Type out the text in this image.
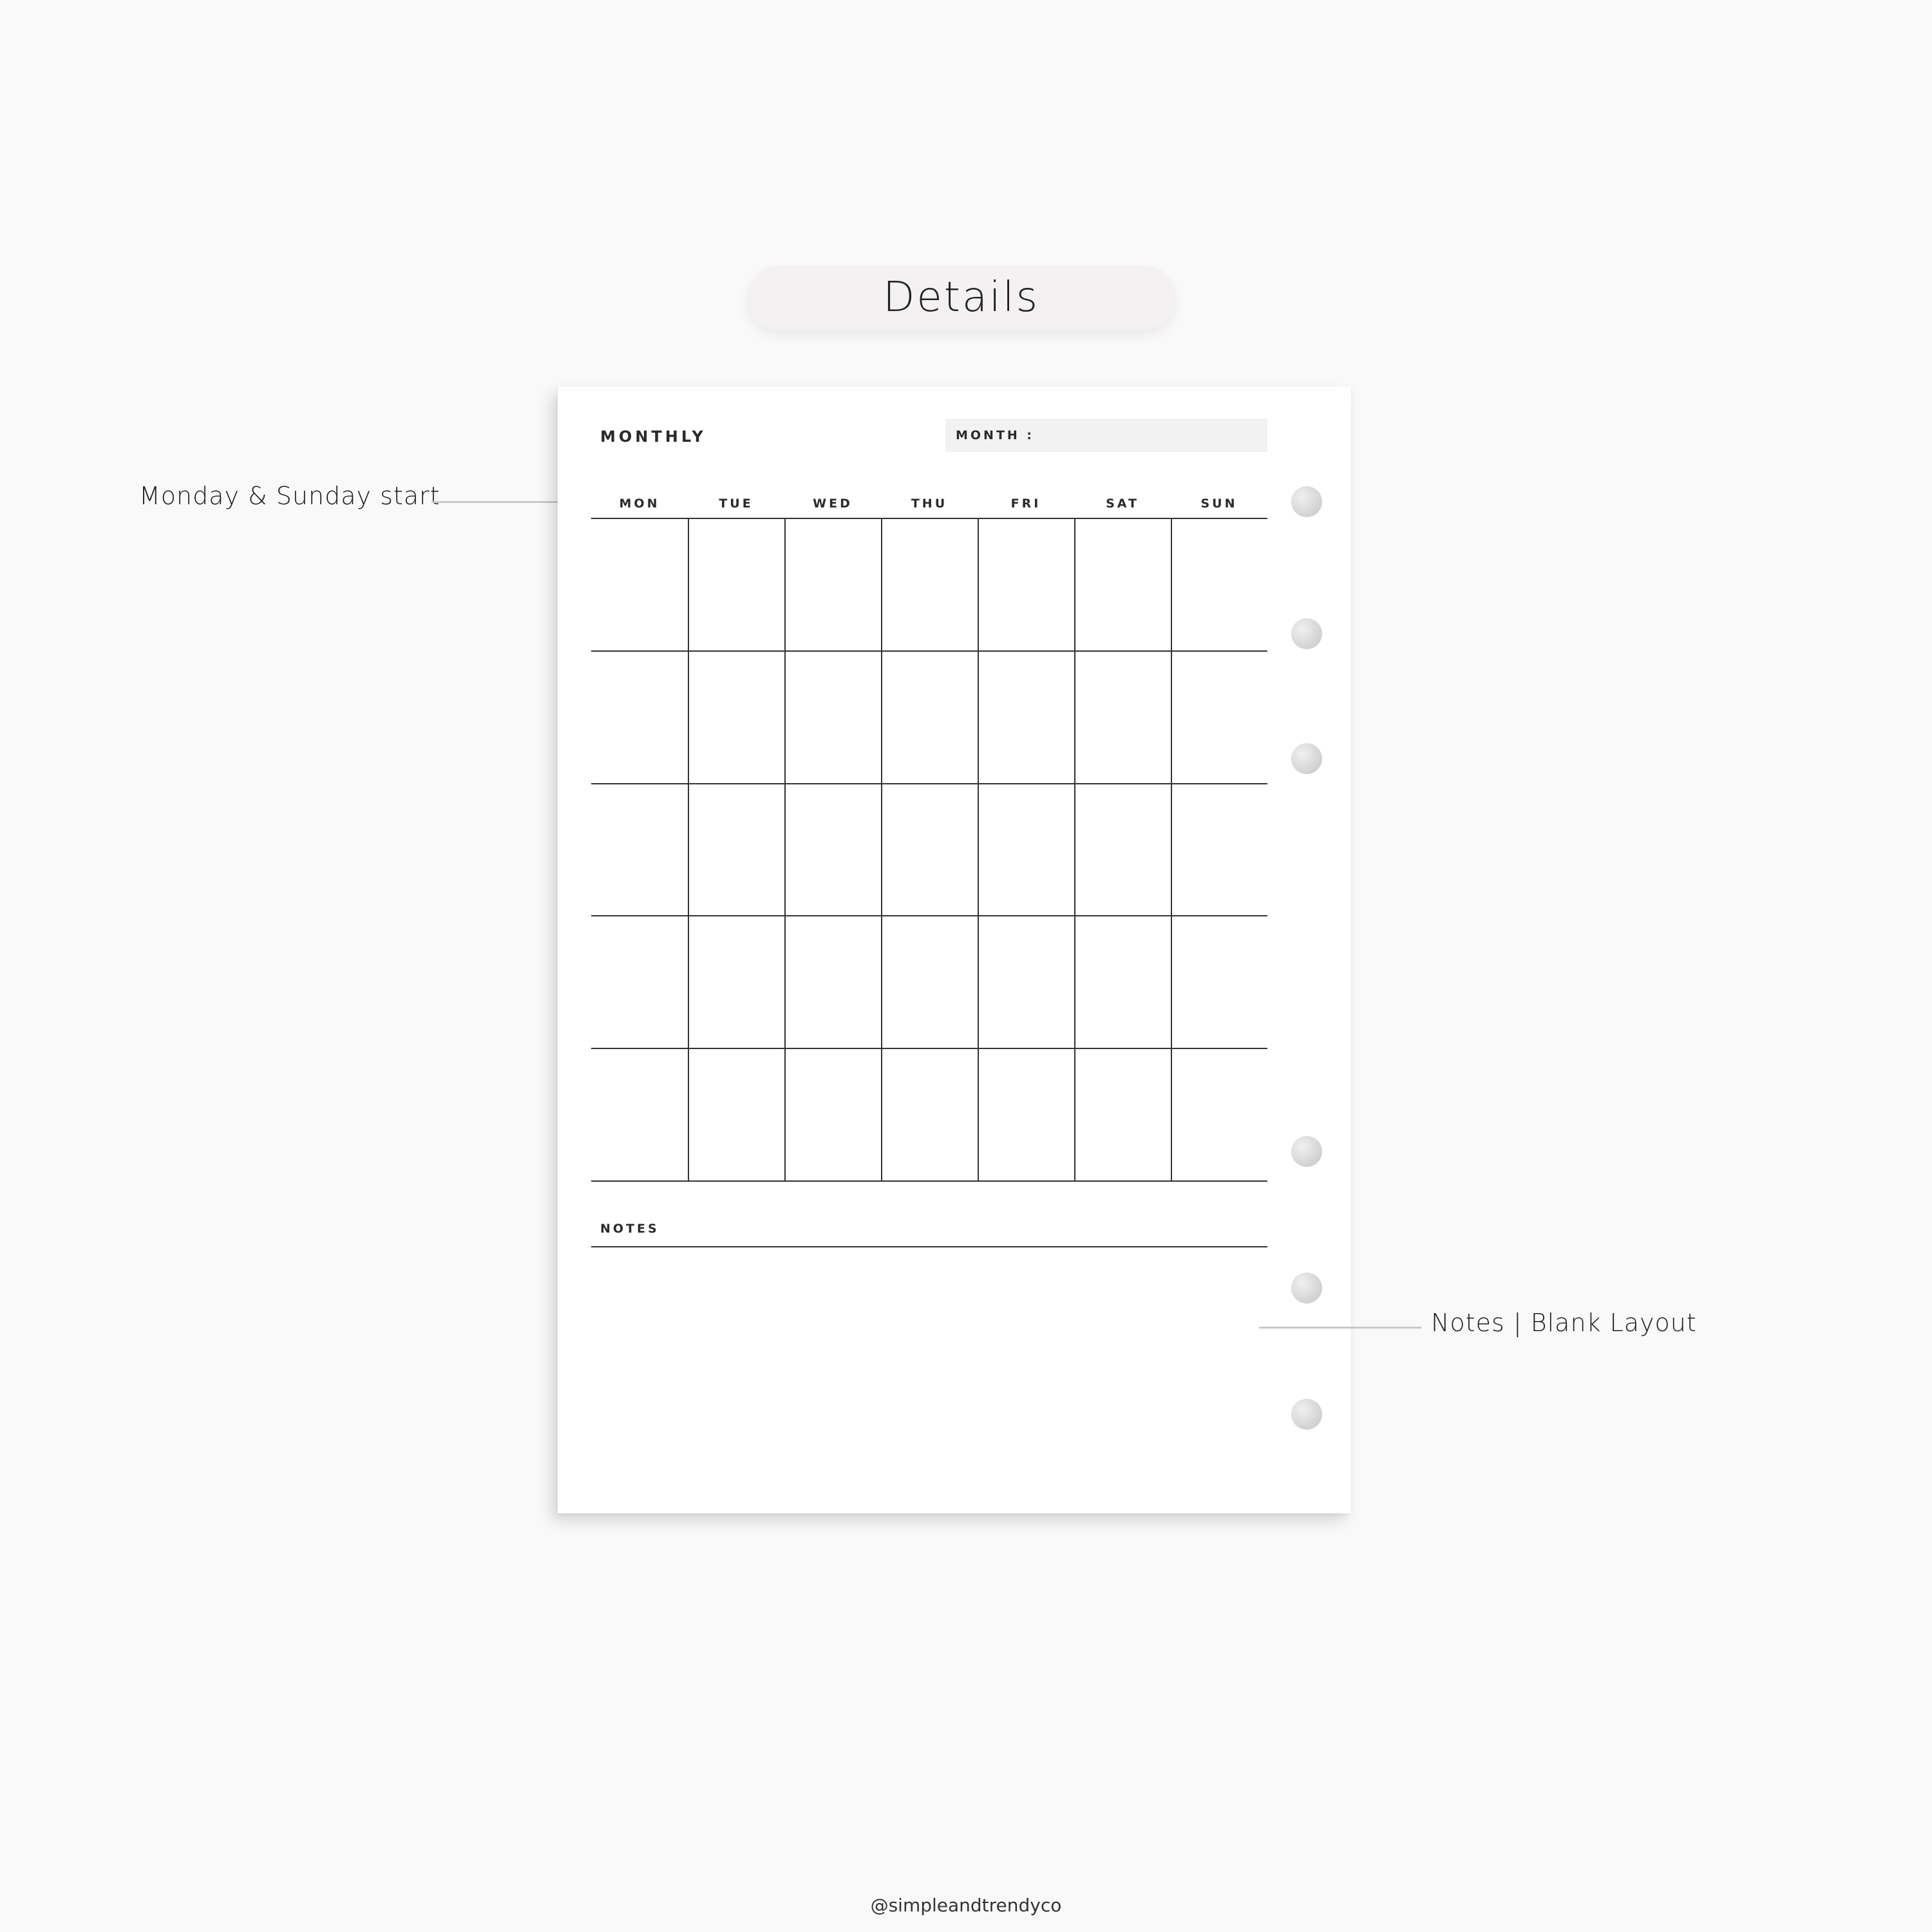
Details
Monday & Sunday start
MONTHLY	MONTH :
MON	TUE	WED	THU	FRI	SAT	SUN
NOTES
Notes | Blank Layout
@simpleandtrendyco
